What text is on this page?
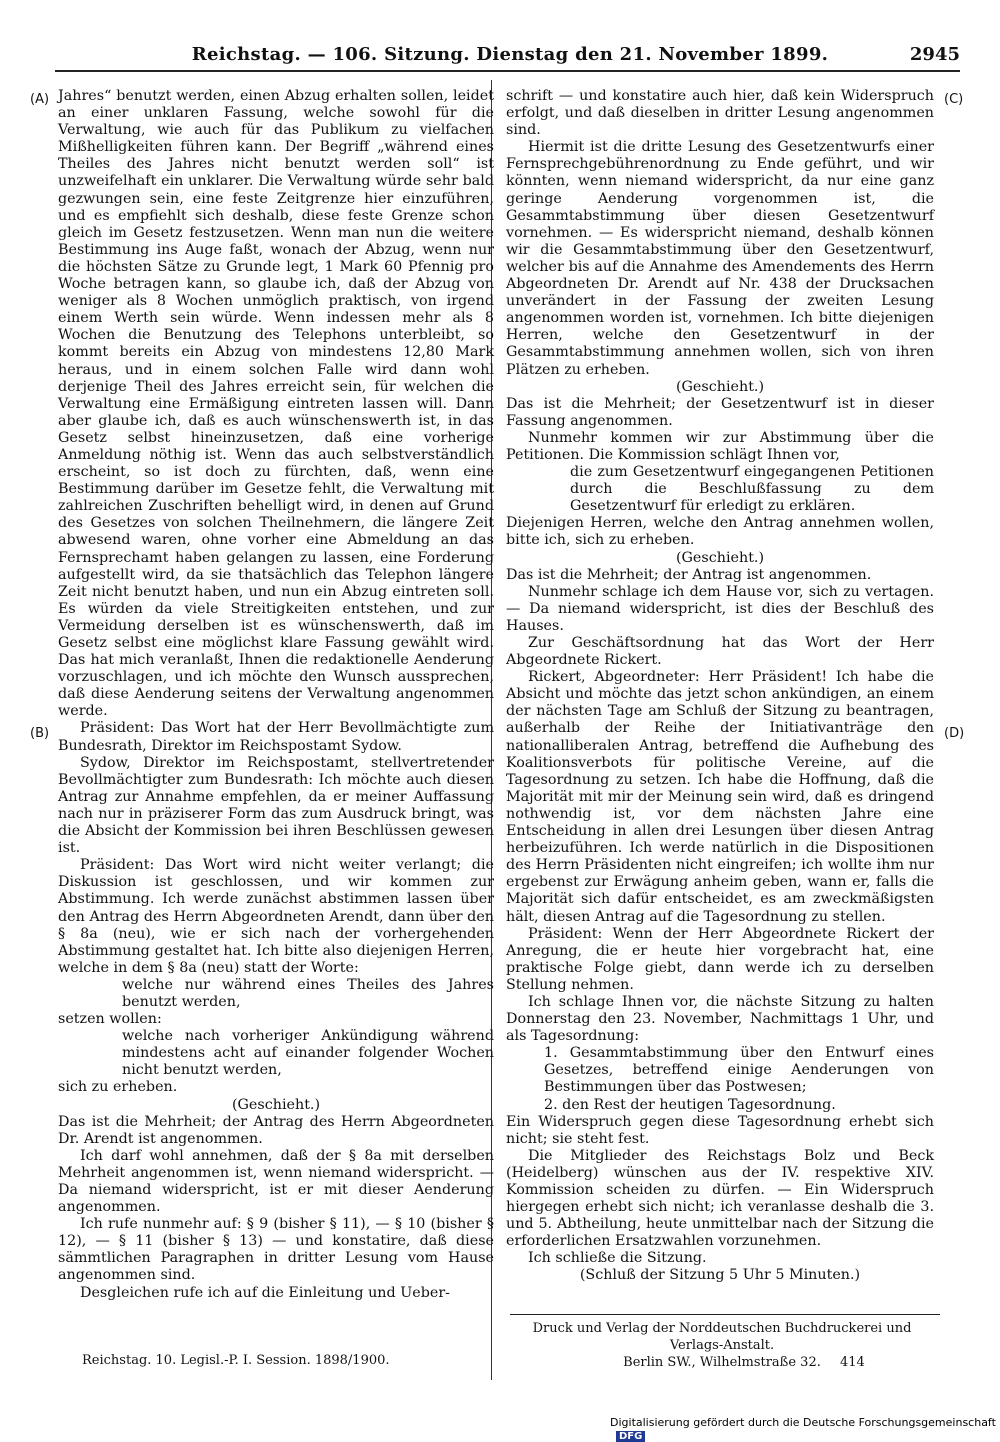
Reichstag. — 106. Sitzung. Dienstag den 21. November 1899.	2945
(A)
(B)
(C)
(D)

Jahres“ benutzt werden, einen Abzug erhalten sollen, leidet an einer unklaren Fassung, welche sowohl für die Verwaltung, wie auch für das Publikum zu vielfachen Mißhelligkeiten führen kann. Der Begriff „während eines Theiles des Jahres nicht benutzt werden soll“ ist unzweifelhaft ein unklarer. Die Verwaltung würde sehr bald gezwungen sein, eine feste Zeitgrenze hier einzuführen, und es empfiehlt sich deshalb, diese feste Grenze schon gleich im Gesetz festzusetzen. Wenn man nun die weitere Bestimmung ins Auge faßt, wonach der Abzug, wenn nur die höchsten Sätze zu Grunde legt, 1 Mark 60 Pfennig pro Woche betragen kann, so glaube ich, daß der Abzug von weniger als 8 Wochen unmöglich praktisch, von irgend einem Werth sein würde. Wenn indessen mehr als 8 Wochen die Benutzung des Telephons unterbleibt, so kommt bereits ein Abzug von mindestens 12,80 Mark heraus, und in einem solchen Falle wird dann wohl derjenige Theil des Jahres erreicht sein, für welchen die Verwaltung eine Ermäßigung eintreten lassen will. Dann aber glaube ich, daß es auch wünschenswerth ist, in das Gesetz selbst hineinzusetzen, daß eine vorherige Anmeldung nöthig ist. Wenn das auch selbstverständlich erscheint, so ist doch zu fürchten, daß, wenn eine Bestimmung darüber im Gesetze fehlt, die Verwaltung mit zahlreichen Zuschriften behelligt wird, in denen auf Grund des Gesetzes von solchen Theilnehmern, die längere Zeit abwesend waren, ohne vorher eine Abmeldung an das Fernsprechamt haben gelangen zu lassen, eine Forderung aufgestellt wird, da sie thatsächlich das Telephon längere Zeit nicht benutzt haben, und nun ein Abzug eintreten soll. Es würden da viele Streitigkeiten entstehen, und zur Vermeidung derselben ist es wünschenswerth, daß im Gesetz selbst eine möglichst klare Fassung gewählt wird. Das hat mich veranlaßt, Ihnen die redaktionelle Aenderung vorzuschlagen, und ich möchte den Wunsch aussprechen, daß diese Aenderung seitens der Verwaltung angenommen werde.

Präsident: Das Wort hat der Herr Bevollmächtigte zum Bundesrath, Direktor im Reichspostamt Sydow.

Sydow, Direktor im Reichspostamt, stellvertretender Bevollmächtigter zum Bundesrath: Ich möchte auch diesen Antrag zur Annahme empfehlen, da er meiner Auffassung nach nur in präziserer Form das zum Ausdruck bringt, was die Absicht der Kommission bei ihren Beschlüssen gewesen ist.

Präsident: Das Wort wird nicht weiter verlangt; die Diskussion ist geschlossen, und wir kommen zur Abstimmung. Ich werde zunächst abstimmen lassen über den Antrag des Herrn Abgeordneten Arendt, dann über den § 8a (neu), wie er sich nach der vorhergehenden Abstimmung gestaltet hat. Ich bitte also diejenigen Herren, welche in dem § 8a (neu) statt der Worte:

welche nur während eines Theiles des Jahres benutzt werden,

setzen wollen:

welche nach vorheriger Ankündigung während mindestens acht auf einander folgender Wochen nicht benutzt werden,

sich zu erheben.

(Geschieht.)

Das ist die Mehrheit; der Antrag des Herrn Abgeordneten Dr. Arendt ist angenommen.

Ich darf wohl annehmen, daß der § 8a mit derselben Mehrheit angenommen ist, wenn niemand widerspricht. — Da niemand widerspricht, ist er mit dieser Aenderung angenommen.

Ich rufe nunmehr auf: § 9 (bisher § 11), — § 10 (bisher § 12), — § 11 (bisher § 13) — und konstatire, daß diese sämmtlichen Paragraphen in dritter Lesung vom Hause angenommen sind.

Desgleichen rufe ich auf die Einleitung und Ueber-

schrift — und konstatire auch hier, daß kein Widerspruch erfolgt, und daß dieselben in dritter Lesung angenommen sind.

Hiermit ist die dritte Lesung des Gesetzentwurfs einer Fernsprechgebührenordnung zu Ende geführt, und wir könnten, wenn niemand widerspricht, da nur eine ganz geringe Aenderung vorgenommen ist, die Gesammtabstimmung über diesen Gesetzentwurf vornehmen. — Es widerspricht niemand, deshalb können wir die Gesammtabstimmung über den Gesetzentwurf, welcher bis auf die Annahme des Amendements des Herrn Abgeordneten Dr. Arendt auf Nr. 438 der Drucksachen unverändert in der Fassung der zweiten Lesung angenommen worden ist, vornehmen. Ich bitte diejenigen Herren, welche den Gesetzentwurf in der Gesammtabstimmung annehmen wollen, sich von ihren Plätzen zu erheben.

(Geschieht.)

Das ist die Mehrheit; der Gesetzentwurf ist in dieser Fassung angenommen.

Nunmehr kommen wir zur Abstimmung über die Petitionen. Die Kommission schlägt Ihnen vor,

die zum Gesetzentwurf eingegangenen Petitionen durch die Beschlußfassung zu dem Gesetzentwurf für erledigt zu erklären.

Diejenigen Herren, welche den Antrag annehmen wollen, bitte ich, sich zu erheben.

(Geschieht.)

Das ist die Mehrheit; der Antrag ist angenommen.

Nunmehr schlage ich dem Hause vor, sich zu vertagen. — Da niemand widerspricht, ist dies der Beschluß des Hauses.

Zur Geschäftsordnung hat das Wort der Herr Abgeordnete Rickert.

Rickert, Abgeordneter: Herr Präsident! Ich habe die Absicht und möchte das jetzt schon ankündigen, an einem der nächsten Tage am Schluß der Sitzung zu beantragen, außerhalb der Reihe der Initiativanträge den nationalliberalen Antrag, betreffend die Aufhebung des Koalitionsverbots für politische Vereine, auf die Tagesordnung zu setzen. Ich habe die Hoffnung, daß die Majorität mit mir der Meinung sein wird, daß es dringend nothwendig ist, vor dem nächsten Jahre eine Entscheidung in allen drei Lesungen über diesen Antrag herbeizuführen. Ich werde natürlich in die Dispositionen des Herrn Präsidenten nicht eingreifen; ich wollte ihm nur ergebenst zur Erwägung anheim geben, wann er, falls die Majorität sich dafür entscheidet, es am zweckmäßigsten hält, diesen Antrag auf die Tagesordnung zu stellen.

Präsident: Wenn der Herr Abgeordnete Rickert der Anregung, die er heute hier vorgebracht hat, eine praktische Folge giebt, dann werde ich zu derselben Stellung nehmen.

Ich schlage Ihnen vor, die nächste Sitzung zu halten Donnerstag den 23. November, Nachmittags 1 Uhr, und als Tagesordnung:

1. Gesammtabstimmung über den Entwurf eines Gesetzes, betreffend einige Aenderungen von Bestimmungen über das Postwesen;

2. den Rest der heutigen Tagesordnung.

Ein Widerspruch gegen diese Tagesordnung erhebt sich nicht; sie steht fest.

Die Mitglieder des Reichstags Bolz und Beck (Heidelberg) wünschen aus der IV. respektive XIV. Kommission scheiden zu dürfen. — Ein Widerspruch hiergegen erhebt sich nicht; ich veranlasse deshalb die 3. und 5. Abtheilung, heute unmittelbar nach der Sitzung die erforderlichen Ersatzwahlen vorzunehmen.

Ich schließe die Sitzung.

(Schluß der Sitzung 5 Uhr 5 Minuten.)

Druck und Verlag der Norddeutschen Buchdruckerei und Verlags-Anstalt.
Berlin SW., Wilhelmstraße 32.	414
Reichstag. 10. Legisl.-P. I. Session. 1898/1900.
Digitalisierung gefördert durch die Deutsche Forschungsgemeinschaft DFG
